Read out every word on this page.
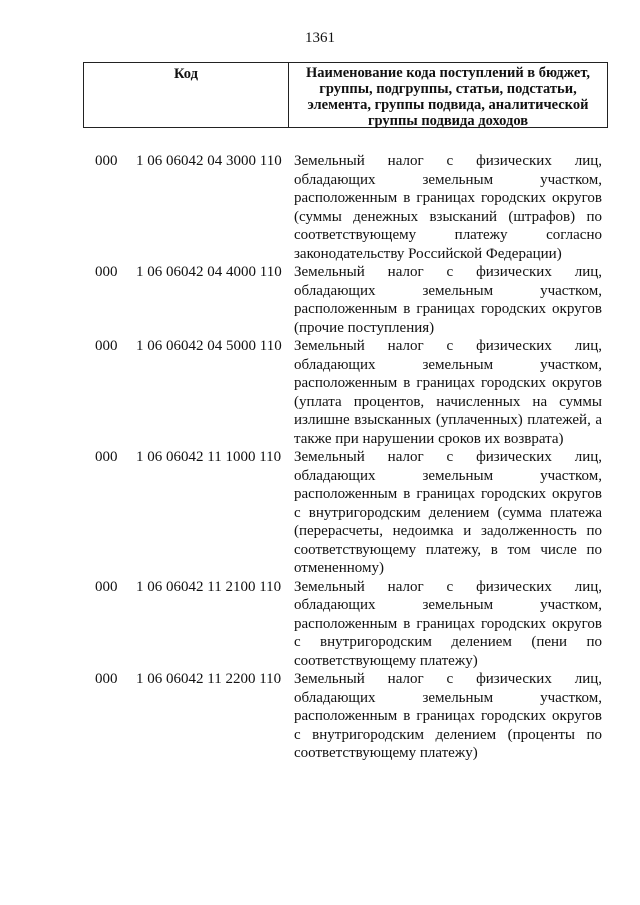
1361
Код	Наименование кода поступлений в бюджет, группы, подгруппы, статьи, подстатьи, элемента, группы подвида, аналитической группы подвида доходов
000 1 06 06042 04 3000 110 Земельный налог с физических лиц, обладающих земельным участком, расположенным в границах городских округов (суммы денежных взысканий (штрафов) по соответствующему платежу согласно законодательству Российской Федерации)
000 1 06 06042 04 4000 110 Земельный налог с физических лиц, обладающих земельным участком, расположенным в границах городских округов (прочие поступления)
000 1 06 06042 04 5000 110 Земельный налог с физических лиц, обладающих земельным участком, расположенным в границах городских округов (уплата процентов, начисленных на суммы излишне взысканных (уплаченных) платежей, а также при нарушении сроков их возврата)
000 1 06 06042 11 1000 110 Земельный налог с физических лиц, обладающих земельным участком, расположенным в границах городских округов с внутригородским делением (сумма платежа (перерасчеты, недоимка и задолженность по соответствующему платежу, в том числе по отмененному)
000 1 06 06042 11 2100 110 Земельный налог с физических лиц, обладающих земельным участком, расположенным в границах городских округов с внутригородским делением (пени по соответствующему платежу)
000 1 06 06042 11 2200 110 Земельный налог с физических лиц, обладающих земельным участком, расположенным в границах городских округов с внутригородским делением (проценты по соответствующему платежу)
